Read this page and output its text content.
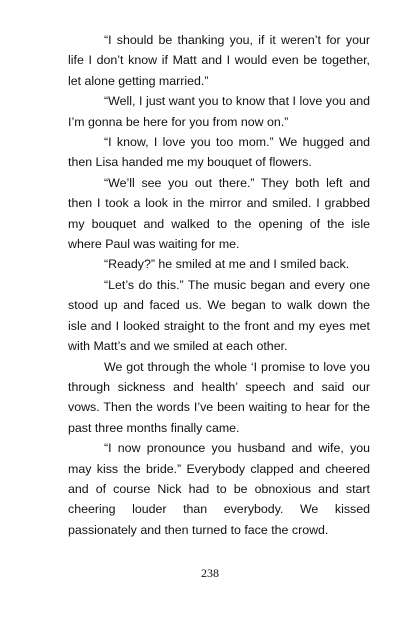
“I should be thanking you, if it weren’t for your life I don’t know if Matt and I would even be together, let alone getting married.”

“Well, I just want you to know that I love you and I’m gonna be here for you from now on.”

“I know, I love you too mom.” We hugged and then Lisa handed me my bouquet of flowers.

“We’ll see you out there.” They both left and then I took a look in the mirror and smiled. I grabbed my bouquet and walked to the opening of the isle where Paul was waiting for me.

“Ready?” he smiled at me and I smiled back.

“Let’s do this.” The music began and every one stood up and faced us. We began to walk down the isle and I looked straight to the front and my eyes met with Matt’s and we smiled at each other.

We got through the whole ‘I promise to love you through sickness and health’ speech and said our vows. Then the words I’ve been waiting to hear for the past three months finally came.

“I now pronounce you husband and wife, you may kiss the bride.” Everybody clapped and cheered and of course Nick had to be obnoxious and start cheering louder than everybody. We kissed passionately and then turned to face the crowd.

238
